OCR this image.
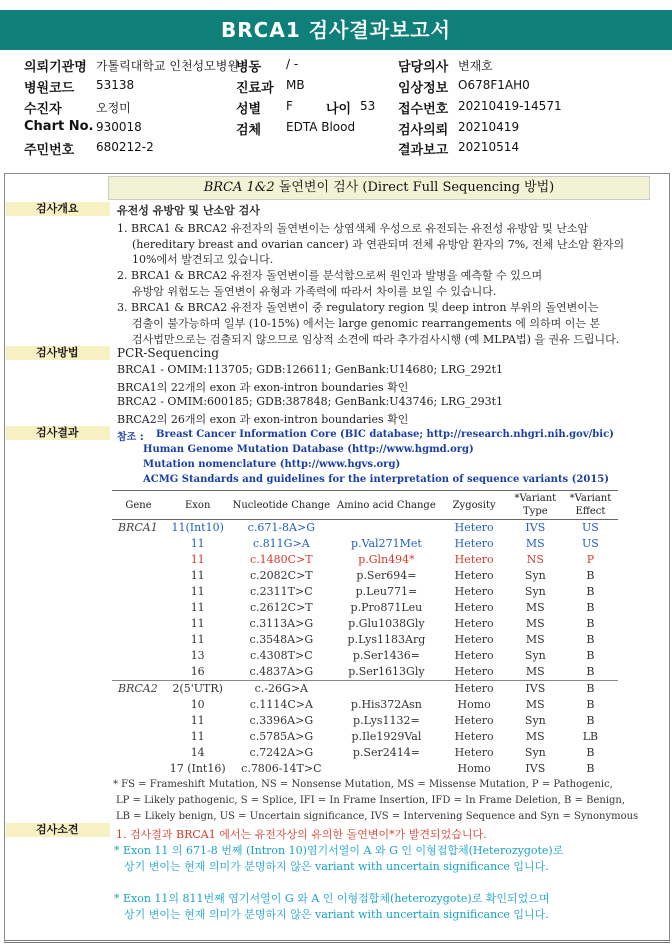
BRCA1 검사결과보고서
의뢰기관명 가톨릭대학교 인천성모병원
병동 / -	담당의사 변재호
병원코드 53138	진료과 MB	임상정보 O678F1AH0
수진자	오정미	성별 F	나이 53 접수번호 20210419-14571
Chart No. 930018	검체 EDTA Blood	검사의뢰 20210419
주민번호 680212-2	결과보고 20210514
BRCA 1&2 돌연변이 검사 (Direct Full Sequencing 방법)
검사개요	유전성 유방암 및 난소암 검사
1. BRCA1 & BRCA2 유전자의 돌연변이는 상염색체 우성으로 유전되는 유전성 유방암 및 난소암
(hereditary breast and ovarian cancer) 과 연관되며 전체 유방암 환자의 7%, 전체 난소암 환자의
10%에서 발견되고 있습니다.
2. BRCA1 & BRCA2 유전자 돌연변이를 분석함으로써 원인과 발병을 예측할 수 있으며
유방암 위험도는 돌연변이 유형과 가족력에 따라서 차이를 보일 수 있습니다.
3. BRCA1 & BRCA2 유전자 돌연변이 중 regulatory region 및 deep intron 부위의 돌연변이는
검출이 불가능하며 일부 (10-15%) 에서는 large genomic rearrangements 에 의하며 이는 본
검사법만으로는 검출되지 않으므로 임상적 소견에 따라 추가검사시행 (예 MLPA법) 을 권유 드립니다.
검사방법	PCR-Sequencing
BRCA1 - OMIM:113705; GDB:126611; GenBank:U14680; LRG_292t1
BRCA1의 22개의 exon 과 exon-intron boundaries 확인
BRCA2 - OMIM:600185; GDB:387848; GenBank:U43746; LRG_293t1
BRCA2의 26개의 exon 과 exon-intron boundaries 확인
검사결과	참조 : Breast Cancer Information Core (BIC database; http://research.nhgri.nih.gov/bic)
Human Genome Mutation Database (http://www.hgmd.org)
Mutation nomenclature (http://www.hgvs.org)
ACMG Standards and guidelines for the interpretation of sequence variants (2015)
Gene	Exon	Nucleotide Change	Amino acid Change	Zygosity	*Variant Type	*Variant Effect
BRCA1	11(Int10)	c.671-8A>G		Hetero	IVS	US
	11	c.811G>A	p.Val271Met	Hetero	MS	US
	11	c.1480C>T	p.Gln494*	Hetero	NS	P
	11	c.2082C>T	p.Ser694=	Hetero	Syn	B
	11	c.2311T>C	p.Leu771=	Hetero	Syn	B
	11	c.2612C>T	p.Pro871Leu	Hetero	MS	B
	11	c.3113A>G	p.Glu1038Gly	Hetero	MS	B
	11	c.3548A>G	p.Lys1183Arg	Hetero	MS	B
	13	c.4308T>C	p.Ser1436=	Hetero	Syn	B
	16	c.4837A>G	p.Ser1613Gly	Hetero	MS	B
BRCA2	2(5'UTR)	c.-26G>A		Hetero	IVS	B
	10	c.1114C>A	p.His372Asn	Homo	MS	B
	11	c.3396A>G	p.Lys1132=	Hetero	Syn	B
	11	c.5785A>G	p.Ile1929Val	Hetero	MS	LB
	14	c.7242A>G	p.Ser2414=	Hetero	Syn	B
	17 (Int16)	c.7806-14T>C		Homo	IVS	B
* FS = Frameshift Mutation, NS = Nonsense Mutation, MS = Missense Mutation, P = Pathogenic,
LP = Likely pathogenic, S = Splice, IFI = In Frame Insertion, IFD = In Frame Deletion, B = Benign,
LB = Likely benign, US = Uncertain significance, IVS = Intervening Sequence and Syn = Synonymous
검사소견	1. 검사결과 BRCA1 에서는 유전자상의 유의한 돌연변이*가 발견되었습니다.
* Exon 11 의 671-8 번째 (Intron 10)염기서열이 A 와 G 인 이형접합체(Heterozygote)로
상기 변이는 현재 의미가 분명하지 않은 variant with uncertain significance 입니다.
* Exon 11의 811번째 염기서열이 G 와 A 인 이형접합체(heterozygote)로 확인되었으며
상기 변이는 현재 의미가 분명하지 않은 variant with uncertain significance 입니다.
